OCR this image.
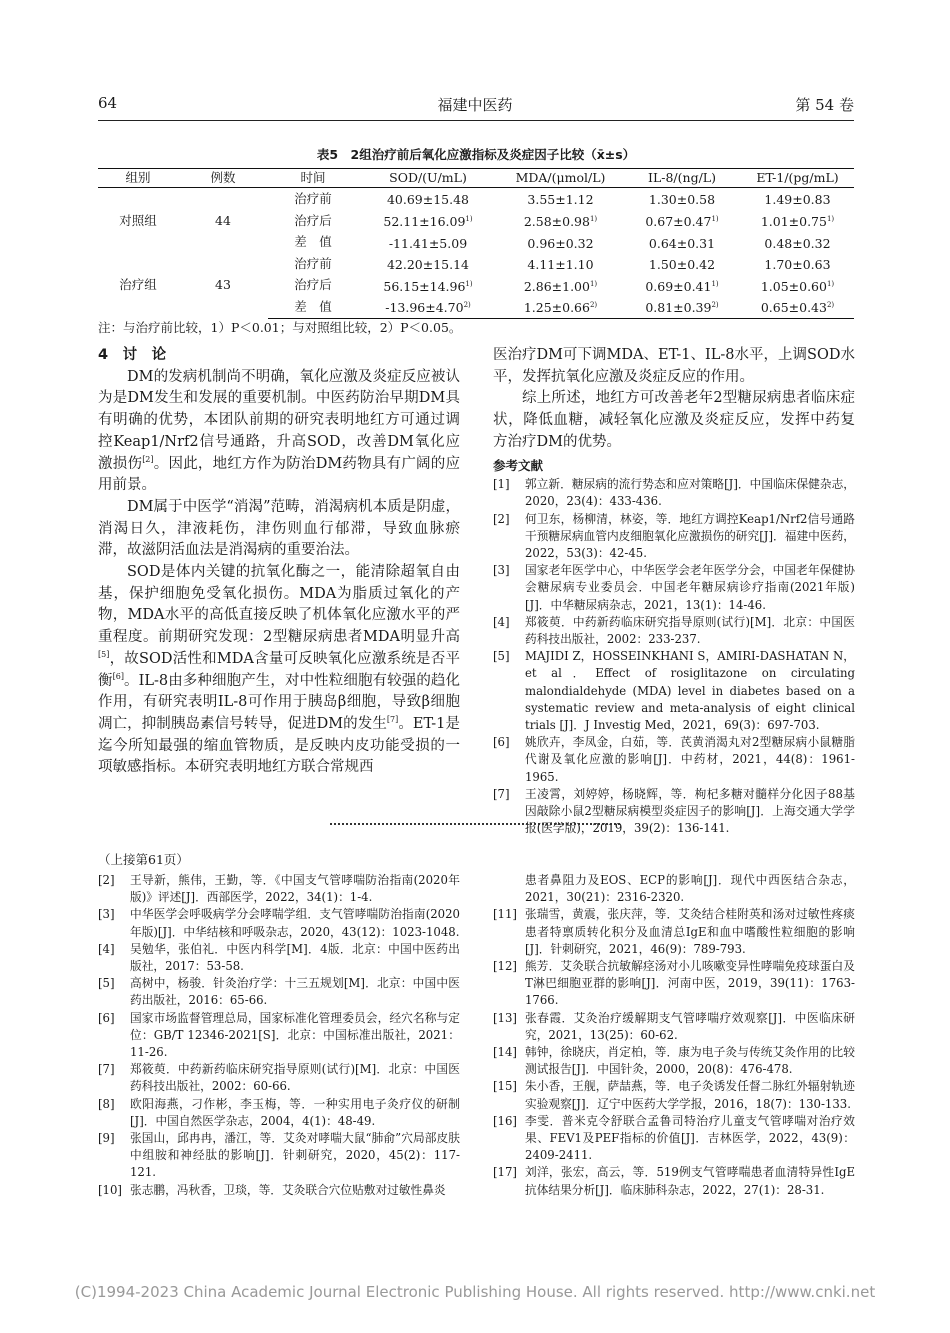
64	福建中医药	第 54 卷
表5　2组治疗前后氧化应激指标及炎症因子比较（x̄±s）
组别	例数	时间	SOD/(U/mL)	MDA/(μmol/L)	IL-8/(ng/L)	ET-1/(pg/mL)
对照组	44	治疗前	40.69±15.48	3.55±1.12	1.30±0.58	1.49±0.83
		治疗后	$52.11\pm 16.09^{1)}$	$2.58\pm 0.98^{1)}$	$0.67\pm 0.47^{1)}$	$1.01\pm 0.75^{1)}$
		差　值	-11.41±5.09	0.96±0.32	0.64±0.31	0.48±0.32
治疗组	43	治疗前	42.20±15.14	4.11±1.10	1.50±0.42	1.70±0.63
		治疗后	$56.15\pm 14.96^{1)}$	$2.86\pm 1.00^{1)}$	$0.69\pm 0.41^{1)}$	$1.05\pm 0.60^{1)}$
		差　值	$-13.96\pm 4.70^{2)}$	$1.25\pm 0.66^{2)}$	$0.81\pm 0.39^{2)}$	$0.65\pm 0.43^{2)}$
注：与治疗前比较，1）P＜0.01；与对照组比较，2）P＜0.05。
4　讨　论

DM的发病机制尚不明确，氧化应激及炎症反应被认为是DM发生和发展的重要机制。中医药防治早期DM具有明确的优势，本团队前期的研究表明地红方可通过调控Keap1/Nrf2信号通路，升高SOD，改善DM氧化应激损伤[2]。因此，地红方作为防治DM药物具有广阔的应用前景。

DM属于中医学“消渴”范畴，消渴病机本质是阴虚，消渴日久，津液耗伤，津伤则血行郁滞，导致血脉瘀滞，故滋阴活血法是消渴病的重要治法。

SOD是体内关键的抗氧化酶之一，能清除超氧自由基，保护细胞免受氧化损伤。MDA为脂质过氧化的产物，MDA水平的高低直接反映了机体氧化应激水平的严重程度。前期研究发现：2型糖尿病患者MDA明显升高[5]，故SOD活性和MDA含量可反映氧化应激系统是否平衡[6]。IL-8由多种细胞产生，对中性粒细胞有较强的趋化作用，有研究表明IL-8可作用于胰岛β细胞，导致β细胞凋亡，抑制胰岛素信号转导，促进DM的发生[7]。ET-1是迄今所知最强的缩血管物质，是反映内皮功能受损的一项敏感指标。本研究表明地红方联合常规西

医治疗DM可下调MDA、ET-1、IL-8水平，上调SOD水平，发挥抗氧化应激及炎症反应的作用。

综上所述，地红方可改善老年2型糖尿病患者临床症状，降低血糖，减轻氧化应激及炎症反应，发挥中药复方治疗DM的优势。

参考文献
[1] 郭立新．糖尿病的流行势态和应对策略[J]．中国临床保健杂志，2020，23(4)：433-436.
[2] 何卫东，杨柳清，林姿，等．地红方调控Keap1/Nrf2信号通路干预糖尿病血管内皮细胞氧化应激损伤的研究[J]．福建中医药，2022，53(3)：42-45.
[3] 国家老年医学中心，中华医学会老年医学分会，中国老年保健协会糖尿病专业委员会．中国老年糖尿病诊疗指南(2021年版)[J]．中华糖尿病杂志，2021，13(1)：14-46.
[4] 郑筱萸．中药新药临床研究指导原则(试行)[M]．北京：中国医药科技出版社，2002：233-237.
[5] MAJIDI Z，HOSSEINKHANI S，AMIRI-DASHATAN N，et al．Effect of rosiglitazone on circulating malondialdehyde (MDA) level in diabetes based on a systematic review and meta-analysis of eight clinical trials [J]．J Investig Med，2021，69(3)：697-703.
[6] 姚欣卉，李凤金，白茹，等．芪黄消渴丸对2型糖尿病小鼠糖脂代谢及氧化应激的影响[J]．中药材，2021，44(8)：1961-1965.
[7] 王凌霄，刘婷婷，杨晓辉，等．枸杞多糖对髓样分化因子88基因敲除小鼠2型糖尿病模型炎症因子的影响[J]．上海交通大学学报(医学版)，2019，39(2)：136-141.
（上接第61页）
[2] 王导新，熊伟，王勤，等．《中国支气管哮喘防治指南(2020年版)》评述[J]．西部医学，2022，34(1)：1-4.
[3] 中华医学会呼吸病学分会哮喘学组．支气管哮喘防治指南(2020年版)[J]．中华结核和呼吸杂志，2020，43(12)：1023-1048.
[4] 吴勉华，张伯礼．中医内科学[M]．4版．北京：中国中医药出版社，2017：53-58.
[5] 高树中，杨骏．针灸治疗学：十三五规划[M]．北京：中国中医药出版社，2016：65-66.
[6] 国家市场监督管理总局，国家标准化管理委员会，经穴名称与定位：GB/T 12346-2021[S]．北京：中国标准出版社，2021：11-26.
[7] 郑筱萸．中药新药临床研究指导原则(试行)[M]．北京：中国医药科技出版社，2002：60-66.
[8] 欧阳海燕，刁作彬，李玉梅，等．一种实用电子灸疗仪的研制[J]．中国自然医学杂志，2004，4(1)：48-49.
[9] 张国山，邱冉冉，潘江，等．艾灸对哮喘大鼠“肺俞”穴局部皮肤中组胺和神经肽的影响[J]．针刺研究，2020，45(2)：117-121.
[10] 张志鹏，冯秋香，卫琰，等．艾灸联合穴位贴敷对过敏性鼻炎
患者鼻阻力及EOS、ECP的影响[J]．现代中西医结合杂志，2021，30(21)：2316-2320.
[11] 张瑞雪，黄震，张庆萍，等．艾灸结合桂附英和汤对过敏性疼痰患者特禀质转化积分及血清总IgE和血中嗜酸性粒细胞的影响[J]．针刺研究，2021，46(9)：789-793.
[12] 熊芳．艾灸联合抗敏解痉汤对小儿咳嗽变异性哮喘免疫球蛋白及T淋巴细胞亚群的影响[J]．河南中医，2019，39(11)：1763-1766.
[13] 张春霞．艾灸治疗缓解期支气管哮喘疗效观察[J]．中医临床研究，2021，13(25)：60-62.
[14] 韩钟，徐晓庆，肖定柏，等．康为电子灸与传统艾灸作用的比较测试报告[J]．中国针灸，2000，20(8)：476-478.
[15] 朱小香，王舰，萨喆燕，等．电子灸诱发任督二脉红外辐射轨迹实验观察[J]．辽宁中医药大学学报，2016，18(7)：130-133.
[16] 李雯．普米克令舒联合孟鲁司特治疗儿童支气管哮喘对治疗效果、FEV1及PEF指标的价值[J]．吉林医学，2022，43(9)：2409-2411.
[17] 刘洋，张宏，高云，等．519例支气管哮喘患者血清特异性IgE抗体结果分析[J]．临床肺科杂志，2022，27(1)：28-31.
(C)1994-2023 China Academic Journal Electronic Publishing House. All rights reserved. http://www.cnki.net
